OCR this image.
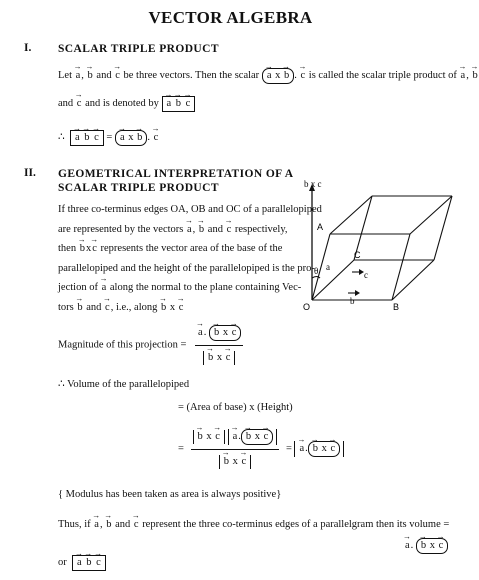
VECTOR ALGEBRA
I. SCALAR TRIPLE PRODUCT
Let → a, → b and → c be three vectors. Then the scalar → a x → b . → c is called the scalar triple product of → a, → b
and → c and is denoted by → a → b → c
∴ → a → b → c = → a x → b . → c
II. GEOMETRICAL INTERPRETATION OF A
SCALAR TRIPLE PRODUCT
If three co-terminus edges OA, OB and OC of a parallelopiped
are represented by the vectors → a, → b and → c respectively,
then → bx→ c represents the vector area of the base of the
parallelopiped and the height of the parallelopiped is the pro-
jection of → a along the normal to the plane containing Vec-
tors → b and → c, i.e., along → b x → c
b x c
O
A
B
C
θ a
c
b
Magnitude of this projection = → a. → b x → c
→ b x → c
∴ Volume of the parallelopiped
= (Area of base) x (Height)
= → b x → c → a. → b x → c
→ b x → c = → a. → b x → c
{ Modulus has been taken as area is always positive}
Thus, if → a, → b and → c represent the three co-terminus edges of a parallelgram then its volume =
→ a. → b x → c
or → a → b → c
